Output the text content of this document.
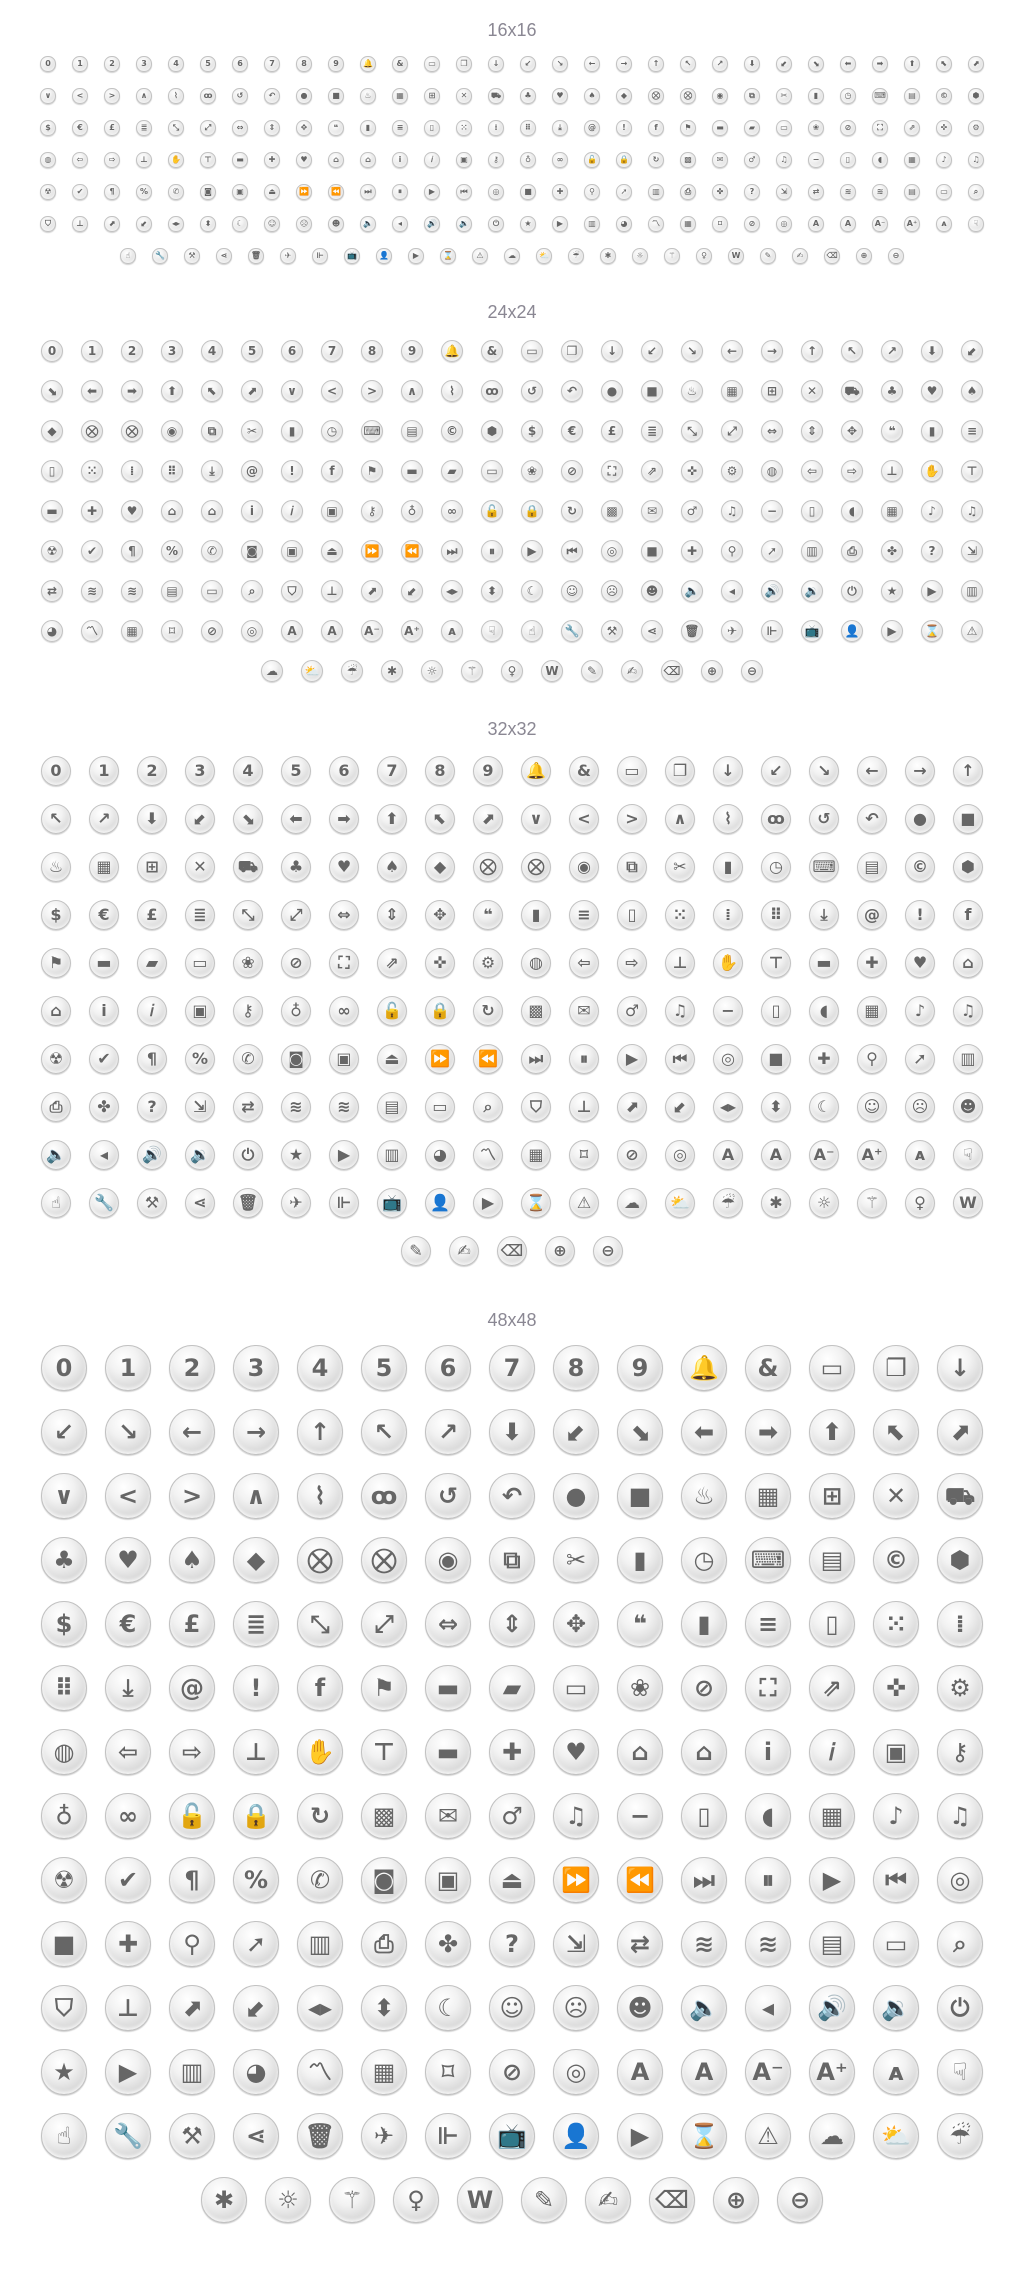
16x16
0	1	2	3	4	5	6	7	8	9	🔔	&	▭	❐	↓	↙	↘	←	→	↑	↖	↗	⬇	⬋	⬊	⬅	➡	⬆	⬉	⬈
∨	<	>	∧	⌇	ꝏ	↺	↶	●	■	♨	▦	⊞	✕	⛟	♣	♥	♠	◆	⛒	⛒	◉	⧉	✂	▮	◷	⌨	▤	©	⬢
$	€	£	≣	⤡	⤢	⇔	⇕	✥	❝	▮	≡	▯	⁙	⁞	⠿	⤓	@	!	f	⚑	▬	▰	▭	❀	⊘	⛶	⇗	✜	⚙
◍	⇦	⇨	⊥	✋	⊤	▬	✚	♥	⌂	⌂	i	𝑖	▣	⚷	♁	∞	🔓	🔒	↻	▩	✉	♂	♫	−	▯	◖	▦	♪	♫
☢	✔	¶	%	✆	◙	▣	⏏	⏩	⏪	⏭	⏸	▶	⏮	◎	■	✚	⚲	➚	▥	⎙	✤	?	⇲	⇄	≋	≋	▤	▭	⌕
⛉	⊥	⬈	⬋	◂▸	⬍	☾	☺	☹	☻	🔈	◂	🔊	🔉	⏻	★	▶	▥	◕	〽	▦	⌑	⊘	◎	A	A	A⁻	A⁺	ᴀ	☟
☝	🔧	⚒	⋖	🗑	✈	⊩	📺	👤	▶	⌛	⚠	☁	⛅	☔	✱	☼	⚚	♀	W	✎	✍	⌫	⊕	⊖
24x24
0	1	2	3	4	5	6	7	8	9	🔔	&	▭	❐	↓	↙	↘	←	→	↑	↖	↗	⬇	⬋
⬊	⬅	➡	⬆	⬉	⬈	∨	<	>	∧	⌇	ꝏ	↺	↶	●	■	♨	▦	⊞	✕	⛟	♣	♥	♠
◆	⛒	⛒	◉	⧉	✂	▮	◷	⌨	▤	©	⬢	$	€	£	≣	⤡	⤢	⇔	⇕	✥	❝	▮	≡
▯	⁙	⁞	⠿	⤓	@	!	f	⚑	▬	▰	▭	❀	⊘	⛶	⇗	✜	⚙	◍	⇦	⇨	⊥	✋	⊤
▬	✚	♥	⌂	⌂	i	𝑖	▣	⚷	♁	∞	🔓	🔒	↻	▩	✉	♂	♫	−	▯	◖	▦	♪	♫
☢	✔	¶	%	✆	◙	▣	⏏	⏩	⏪	⏭	⏸	▶	⏮	◎	■	✚	⚲	➚	▥	⎙	✤	?	⇲
⇄	≋	≋	▤	▭	⌕	⛉	⊥	⬈	⬋	◂▸	⬍	☾	☺	☹	☻	🔈	◂	🔊	🔉	⏻	★	▶	▥
◕	〽	▦	⌑	⊘	◎	A	A	A⁻ A⁺	ᴀ	☟	☝	🔧	⚒	⋖	🗑	✈	⊩	📺	👤	▶	⌛	⚠
☁	⛅	☔	✱	☼	⚚	♀	W	✎	✍	⌫	⊕	⊖
32x32
0	1	2	3	4	5	6	7	8	9	🔔	&	▭	❐	↓	↙	↘	←	→	↑
↖	↗	⬇	⬋	⬊	⬅	➡	⬆	⬉	⬈	∨	<	>	∧	⌇	ꝏ	↺	↶	●	■
♨	▦	⊞	✕	⛟	♣	♥	♠	◆	⛒	⛒	◉	⧉	✂	▮	◷	⌨	▤	©	⬢
$	€	£	≣	⤡	⤢	⇔	⇕	✥	❝	▮	≡	▯	⁙	⁞	⠿	⤓	@	!	f
⚑	▬	▰	▭	❀	⊘	⛶	⇗	✜	⚙	◍	⇦	⇨	⊥	✋	⊤	▬	✚	♥	⌂
⌂	i	𝑖	▣	⚷	♁	∞	🔓	🔒	↻	▩	✉	♂	♫	−	▯	◖	▦	♪	♫
☢	✔	¶	%	✆	◙	▣	⏏	⏩	⏪	⏭	⏸	▶	⏮	◎	■	✚	⚲	➚	▥
⎙	✤	?	⇲	⇄	≋	≋	▤	▭	⌕	⛉	⊥	⬈	⬋	◂▸	⬍	☾	☺	☹	☻
🔈	◂	🔊	🔉	⏻	★	▶	▥	◕	〽	▦	⌑	⊘	◎	A	A	A⁻ A⁺	ᴀ	☟
☝	🔧	⚒	⋖	🗑	✈	⊩	📺	👤	▶	⌛	⚠	☁	⛅	☔	✱	☼	⚚	♀	W
✎	✍	⌫	⊕	⊖
48x48
0	1	2	3	4	5	6	7	8	9	🔔	&	▭	❐	↓
↙	↘	←	→	↑	↖	↗	⬇	⬋	⬊	⬅	➡	⬆	⬉	⬈
∨	<	>	∧	⌇	ꝏ	↺	↶	●	■	♨	▦	⊞	✕	⛟
♣	♥	♠	◆	⛒	⛒	◉	⧉	✂	▮	◷	⌨	▤	©	⬢
$	€	£	≣	⤡	⤢	⇔	⇕	✥	❝	▮	≡	▯	⁙	⁞
⠿	⤓	@	!	f	⚑	▬	▰	▭	❀	⊘	⛶	⇗	✜	⚙
◍	⇦	⇨	⊥	✋	⊤	▬	✚	♥	⌂	⌂	i	𝑖	▣	⚷
♁	∞	🔓	🔒	↻	▩	✉	♂	♫	−	▯	◖	▦	♪	♫
☢	✔	¶	%	✆	◙	▣	⏏	⏩	⏪	⏭	⏸	▶	⏮	◎
■	✚	⚲	➚	▥	⎙	✤	?	⇲	⇄	≋	≋	▤	▭	⌕
⛉	⊥	⬈	⬋	◂▸	⬍	☾	☺	☹	☻	🔈	◂	🔊	🔉	⏻
★	▶	▥	◕	〽	▦	⌑	⊘	◎	A	A	A⁻ A⁺	ᴀ	☟
☝	🔧	⚒	⋖	🗑	✈	⊩	📺	👤	▶	⌛	⚠	☁	⛅	☔
✱	☼	⚚	♀	W	✎	✍	⌫	⊕	⊖
